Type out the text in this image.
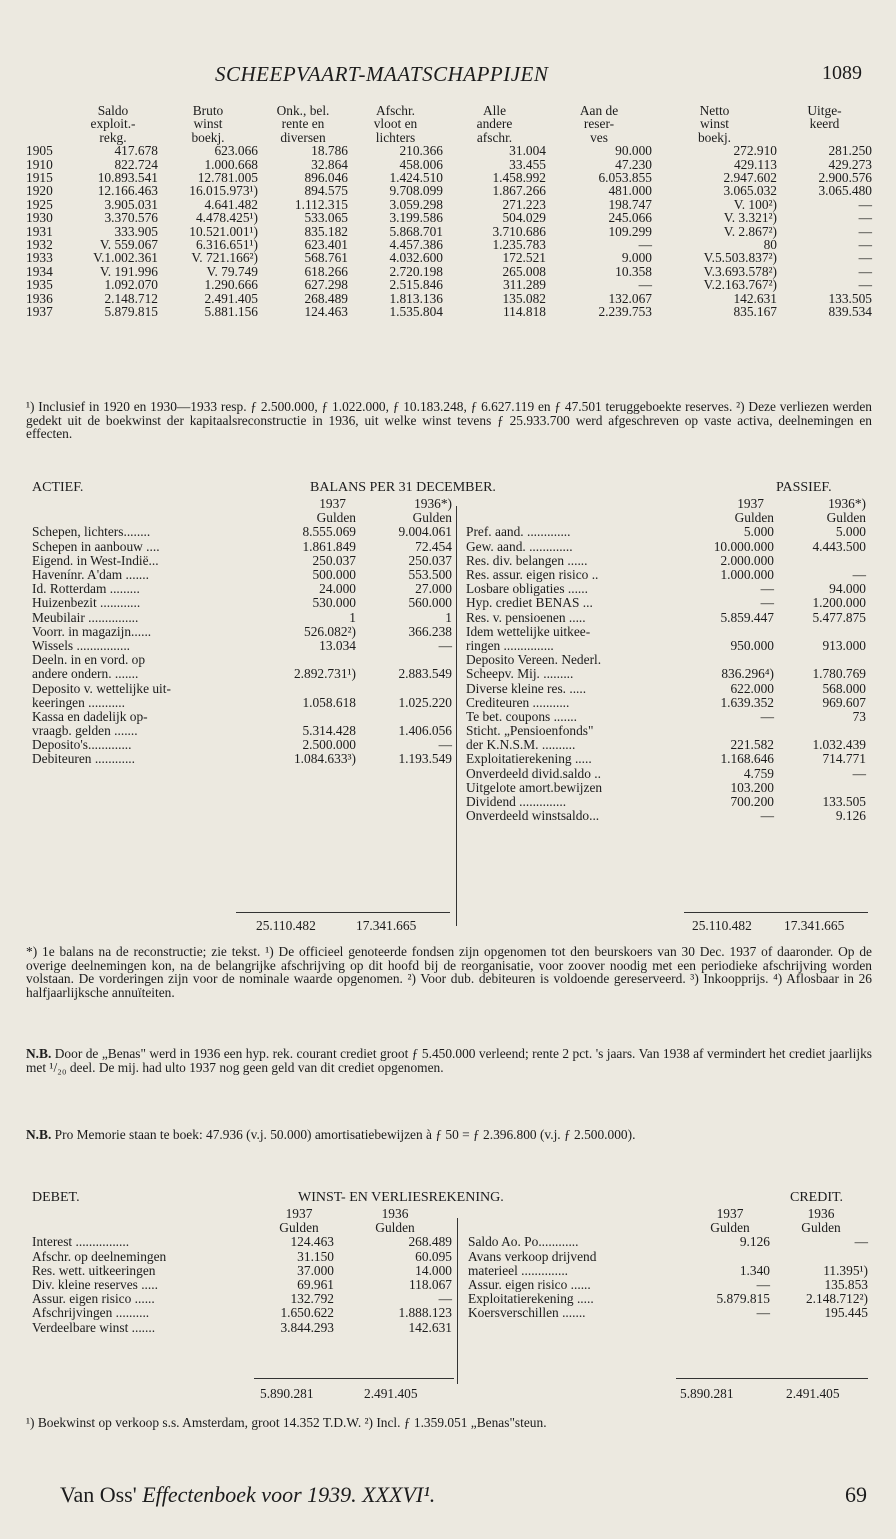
SCHEEPVAART-MAATSCHAPPIJEN	1089
	Saldo	Bruto	Onk., bel.	Afschr.	Alle	Aan de	Netto	Uitge-
	exploit.-	winst	rente en	vloot en	andere	reser-	winst	keerd
	rekg.	boekj.	diversen	lichters	afschr.	ves	boekj.	
1905	417.678	623.066	18.786	210.366	31.004	90.000	272.910	281.250
1910	822.724	1.000.668	32.864	458.006	33.455	47.230	429.113	429.273
1915	10.893.541	12.781.005	896.046	1.424.510	1.458.992	6.053.855	2.947.602	2.900.576
1920	12.166.463	16.015.973¹)	894.575	9.708.099	1.867.266	481.000	3.065.032	3.065.480
1925	3.905.031	4.641.482	1.112.315	3.059.298	271.223	198.747	V. 100²)	—
1930	3.370.576	4.478.425¹)	533.065	3.199.586	504.029	245.066	V. 3.321²)	—
1931	333.905	10.521.001¹)	835.182	5.868.701	3.710.686	109.299	V. 2.867²)	—
1932	V. 559.067	6.316.651¹)	623.401	4.457.386	1.235.783	—	80	—
1933	V.1.002.361	V. 721.166²)	568.761	4.032.600	172.521	9.000	V.5.503.837²)	—
1934	V. 191.996	V. 79.749	618.266	2.720.198	265.008	10.358	V.3.693.578²)	—
1935	1.092.070	1.290.666	627.298	2.515.846	311.289	—	V.2.163.767²)	—
1936	2.148.712	2.491.405	268.489	1.813.136	135.082	132.067	142.631	133.505
1937	5.879.815	5.881.156	124.463	1.535.804	114.818	2.239.753	835.167	839.534
¹) Inclusief in 1920 en 1930—1933 resp. ƒ 2.500.000, ƒ 1.022.000, ƒ 10.183.248, ƒ 6.627.119 en ƒ 47.501 teruggeboekte reserves. ²) Deze verliezen werden gedekt uit de boekwinst der kapitaalsreconstructie in 1936, uit welke winst tevens ƒ 25.933.700 werd afgeschreven op vaste activa, deelnemingen en effecten.
ACTIEF.	BALANS PER 31 DECEMBER.	PASSIEF.
	1937	1936*)
	Gulden	Gulden
Schepen, lichters........	8.555.069	9.004.061
Schepen in aanbouw ....	1.861.849	72.454
Eigend. in West-Indië...	250.037	250.037
Havenínr. A'dam .......	500.000	553.500
Id. Rotterdam .........	24.000	27.000
Huizenbezit ............	530.000	560.000
Meubilair ...............	1	1
Voorr. in magazijn......	526.082²)	366.238
Wissels ................	13.034	—
Deeln. in en vord. op		
andere ondern. .......	2.892.731¹)	2.883.549
Deposito v. wettelijke uit-		
keeringen ...........	1.058.618	1.025.220
Kassa en dadelijk op-		
vraagb. gelden .......	5.314.428	1.406.056
Deposito's.............	2.500.000	—
Debiteuren ............	1.084.633³)	1.193.549
	1937	1936*)
	Gulden	Gulden
Pref. aand. .............	5.000	5.000
Gew. aand. .............	10.000.000	4.443.500
Res. div. belangen ......	2.000.000	
Res. assur. eigen risico ..	1.000.000	—
Losbare obligaties ......	—	94.000
Hyp. crediet BENAS ...	—	1.200.000
Res. v. pensioenen .....	5.859.447	5.477.875
Idem wettelijke uitkee-		
ringen ...............	950.000	913.000
Deposito Vereen. Nederl.		
Scheepv. Mij. .........	836.296⁴)	1.780.769
Diverse kleine res. .....	622.000	568.000
Crediteuren ...........	1.639.352	969.607
Te bet. coupons .......	—	73
Sticht. „Pensioenfonds"		
der K.N.S.M. ..........	221.582	1.032.439
Exploitatierekening .....	1.168.646	714.771
Onverdeeld divid.saldo ..	4.759	—
Uitgelote amort.bewijzen	103.200	
Dividend ..............	700.200	133.505
Onverdeeld winstsaldo...	—	9.126
25.110.482	17.341.665	25.110.482 17.341.665
*) 1e balans na de reconstructie; zie tekst. ¹) De officieel genoteerde fondsen zijn opgenomen tot den beurskoers van 30 Dec. 1937 of daaronder. Op de overige deelnemingen kon, na de belangrijke afschrijving op dit hoofd bij de reorganisatie, voor zoover noodig met een periodieke afschrijving worden volstaan. De vorderingen zijn voor de nominale waarde opgenomen. ²) Voor dub. debiteuren is voldoende gereserveerd. ³) Inkoopprijs. ⁴) Aflosbaar in 26 halfjaarlijksche annuïteiten.
N.B. Door de „Benas" werd in 1936 een hyp. rek. courant crediet groot ƒ 5.450.000 verleend; rente 2 pct. 's jaars. Van 1938 af vermindert het crediet jaarlijks met ¹/₂₀ deel. De mij. had ulto 1937 nog geen geld van dit crediet opgenomen.
N.B. Pro Memorie staan te boek: 47.936 (v.j. 50.000) amortisatiebewijzen à ƒ 50 = ƒ 2.396.800 (v.j. ƒ 2.500.000).
DEBET.	WINST- EN VERLIESREKENING.	CREDIT.
	1937	1936
	Gulden	Gulden
Interest ................	124.463	268.489
Afschr. op deelnemingen	31.150	60.095
Res. wett. uitkeeringen	37.000	14.000
Div. kleine reserves .....	69.961	118.067
Assur. eigen risico ......	132.792	—
Afschrijvingen ..........	1.650.622	1.888.123
Verdeelbare winst .......	3.844.293	142.631
	1937	1936
	Gulden	Gulden
Saldo Ao. Po............	9.126	—
Avans verkoop drijvend		
materieel ..............	1.340	11.395¹)
Assur. eigen risico ......	—	135.853
Exploitatierekening .....	5.879.815	2.148.712²)
Koersverschillen .......	—	195.445
5.890.281	2.491.405	5.890.281	2.491.405
¹) Boekwinst op verkoop s.s. Amsterdam, groot 14.352 T.D.W. ²) Incl. ƒ 1.359.051 „Benas"steun.
Van Oss' Effectenboek voor 1939. XXXVI¹.	69
